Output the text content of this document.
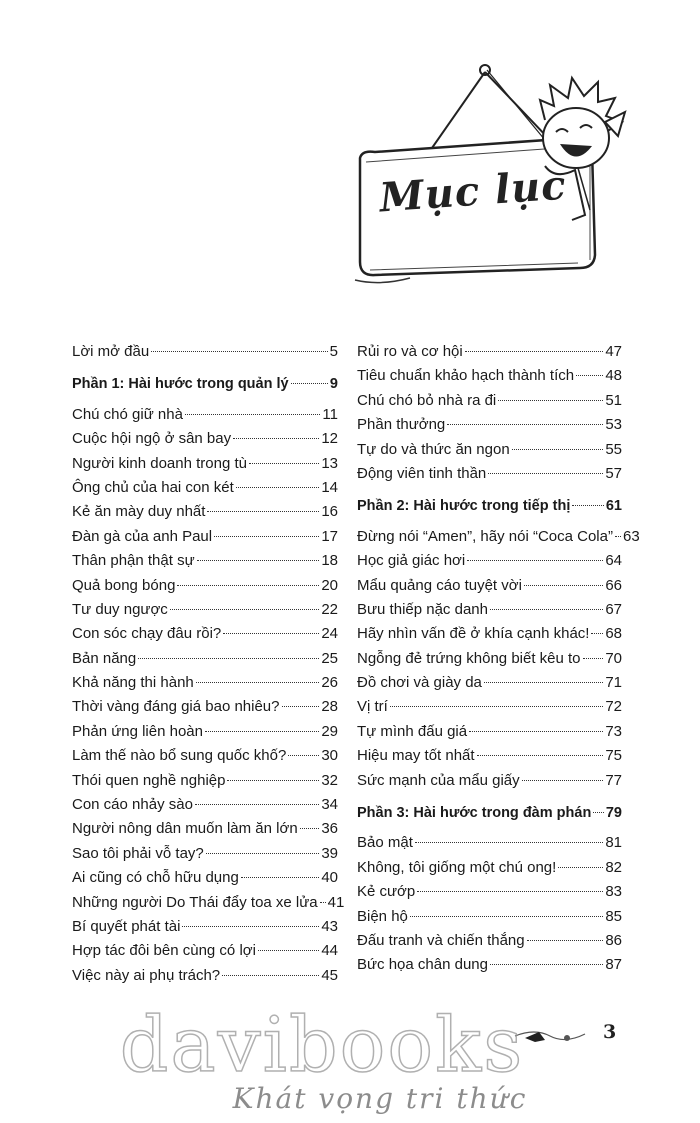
Mục lục
Lời mở đầu	5
Phần 1: Hài hước trong quản lý	9
Chú chó giữ nhà	11
Cuộc hội ngộ ở sân bay	12
Người kinh doanh trong tù	13
Ông chủ của hai con két	14
Kẻ ăn mày duy nhất	16
Đàn gà của anh Paul	17
Thân phận thật sự	18
Quả bong bóng	20
Tư duy ngược	22
Con sóc chạy đâu rồi?	24
Bản năng	25
Khả năng thi hành	26
Thời vàng đáng giá bao nhiêu?	28
Phản ứng liên hoàn	29
Làm thế nào bổ sung quốc khố? 30
Thói quen nghề nghiệp	32
Con cáo nhảy sào	34
Người nông dân muốn làm ăn lớn 36
Sao tôi phải vỗ tay?	39
Ai cũng có chỗ hữu dụng	40
Những người Do Thái đẩy toa xe lửa 41
Bí quyết phát tài	43
Hợp tác đôi bên cùng có lợi	44
Việc này ai phụ trách?	45
Rủi ro và cơ hội	47
Tiêu chuẩn khảo hạch thành tích 48
Chú chó bỏ nhà ra đi	51
Phần thưởng	53
Tự do và thức ăn ngon	55
Động viên tinh thần	57
Phần 2: Hài hước trong tiếp thị 61
Đừng nói “Amen”, hãy nói “Coca Cola” 63
Học giả giác hơi	64
Mẩu quảng cáo tuyệt vời	66
Bưu thiếp nặc danh	67
Hãy nhìn vấn đề ở khía cạnh khác! 68
Ngỗng đẻ trứng không biết kêu to 70
Đồ chơi và giày da	71
Vị trí	72
Tự mình đấu giá	73
Hiệu may tốt nhất	75
Sức mạnh của mẩu giấy	77
Phần 3: Hài hước trong đàm phán 79
Bảo mật	81
Không, tôi giống một chú ong!	82
Kẻ cướp	83
Biện hộ	85
Đấu tranh và chiến thắng	86
Bức họa chân dung	87
3
davibooks
Khát vọng tri thức
